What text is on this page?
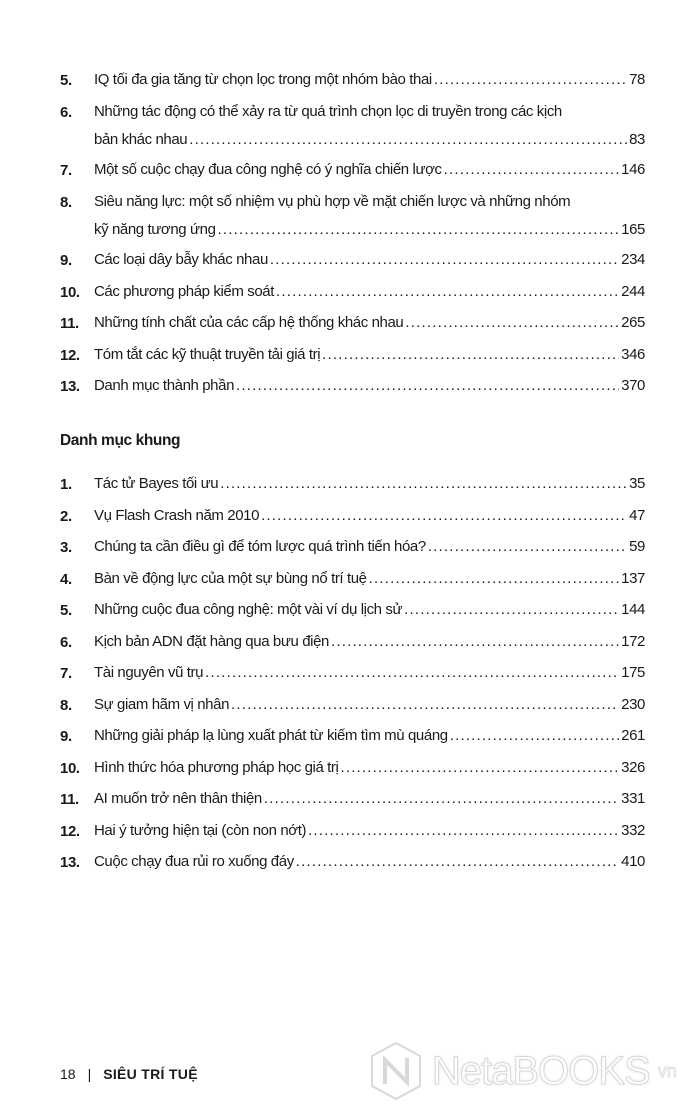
5.	IQ tối đa gia tăng từ chọn lọc trong một nhóm bào thai .....	78
6.	Những tác động có thể xảy ra từ quá trình chọn lọc di truyền trong các kịch
bản khác nhau .....	83
7.	Một số cuộc chạy đua công nghệ có ý nghĩa chiến lược .....	146
8.	Siêu năng lực: một số nhiệm vụ phù hợp về mặt chiến lược và những nhóm
kỹ năng tương ứng .....	165
9.	Các loại dây bẫy khác nhau .....	234
10. Các phương pháp kiểm soát .....	244
11.	Những tính chất của các cấp hệ thống khác nhau .....	265
12. Tóm tắt các kỹ thuật truyền tải giá trị .....	346
13. Danh mục thành phần .....	370
Danh mục khung
1.	Tác tử Bayes tối ưu .....	35
2.	Vụ Flash Crash năm 2010 .....	47
3.	Chúng ta cần điều gì để tóm lược quá trình tiến hóa? .....	59
4.	Bàn về động lực của một sự bùng nổ trí tuệ .....	137
5.	Những cuộc đua công nghệ: một vài ví dụ lịch sử .....	144
6.	Kịch bản ADN đặt hàng qua bưu điện .....	172
7.	Tài nguyên vũ trụ .....	175
8.	Sự giam hãm vị nhân .....	230
9.	Những giải pháp lạ lùng xuất phát từ kiếm tìm mù quáng .....	261
10. Hình thức hóa phương pháp học giá trị .....	326
11.	AI muốn trở nên thân thiện .....	331
12. Hai ý tưởng hiện tại (còn non nớt) .....	332
13. Cuộc chạy đua rủi ro xuống đáy .....	410
18 | SIÊU TRÍ TUỆ	NetaBOOKS vn
